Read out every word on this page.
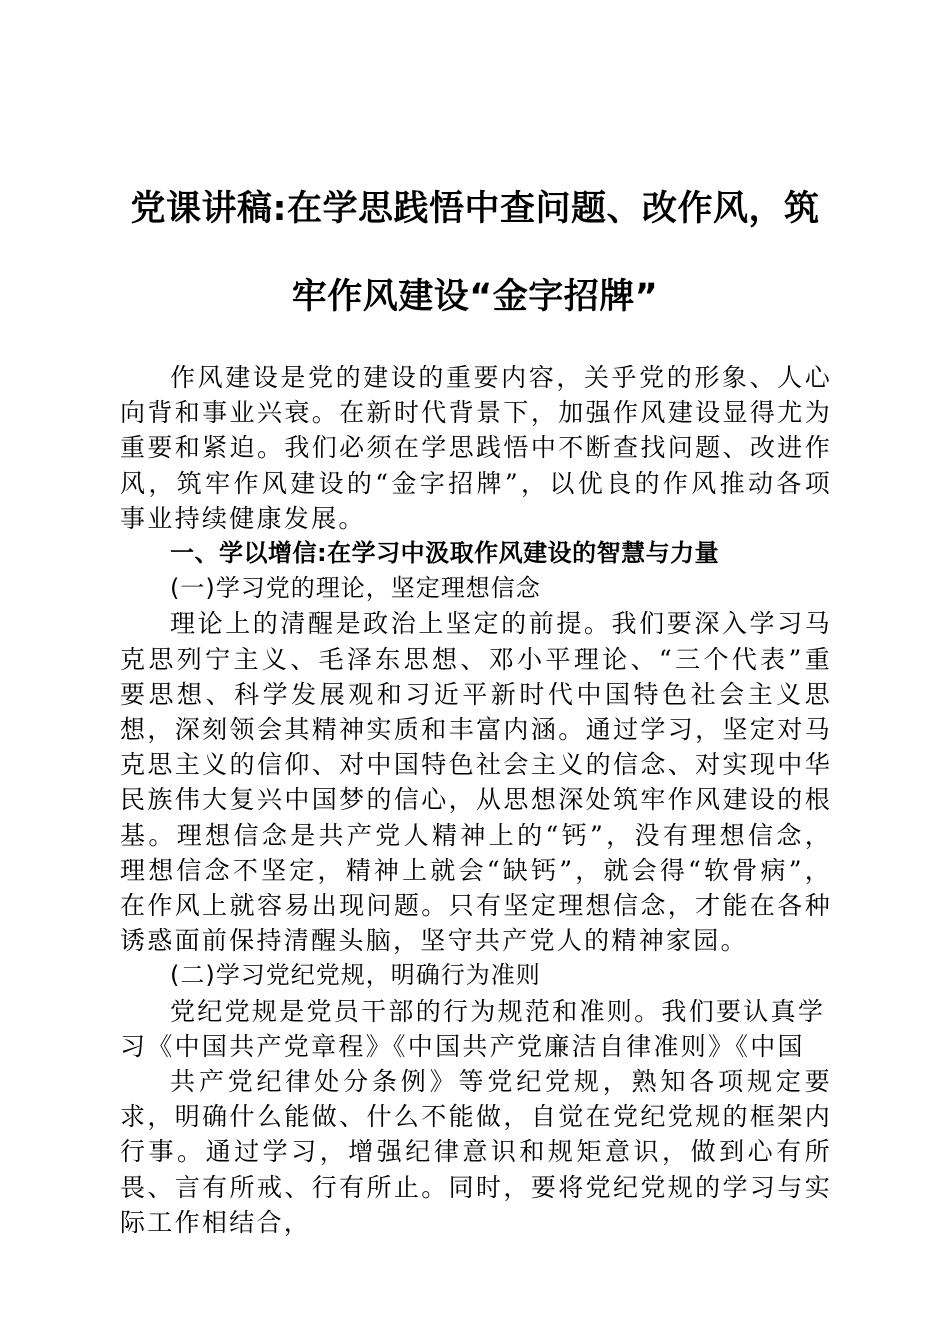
党课讲稿:在学思践悟中查问题、改作风，筑
牢作风建设“金字招牌”

作风建设是党的建设的重要内容，关乎党的形象、人心向背和事业兴衰。在新时代背景下，加强作风建设显得尤为重要和紧迫。我们必须在学思践悟中不断查找问题、改进作风，筑牢作风建设的“金字招牌”，以优良的作风推动各项事业持续健康发展。

一、学以增信:在学习中汲取作风建设的智慧与力量

(一)学习党的理论，坚定理想信念

理论上的清醒是政治上坚定的前提。我们要深入学习马克思列宁主义、毛泽东思想、邓小平理论、“三个代表”重要思想、科学发展观和习近平新时代中国特色社会主义思想，深刻领会其精神实质和丰富内涵。通过学习，坚定对马克思主义的信仰、对中国特色社会主义的信念、对实现中华民族伟大复兴中国梦的信心，从思想深处筑牢作风建设的根基。理想信念是共产党人精神上的“钙”，没有理想信念，理想信念不坚定，精神上就会“缺钙”，就会得“软骨病”，在作风上就容易出现问题。只有坚定理想信念，才能在各种诱惑面前保持清醒头脑，坚守共产党人的精神家园。

(二)学习党纪党规，明确行为准则

党纪党规是党员干部的行为规范和准则。我们要认真学习《中国共产党章程》《中国共产党廉洁自律准则》《中国

共产党纪律处分条例》等党纪党规，熟知各项规定要求，明确什么能做、什么不能做，自觉在党纪党规的框架内行事。通过学习，增强纪律意识和规矩意识，做到心有所畏、言有所戒、行有所止。同时，要将党纪党规的学习与实际工作相结合，
